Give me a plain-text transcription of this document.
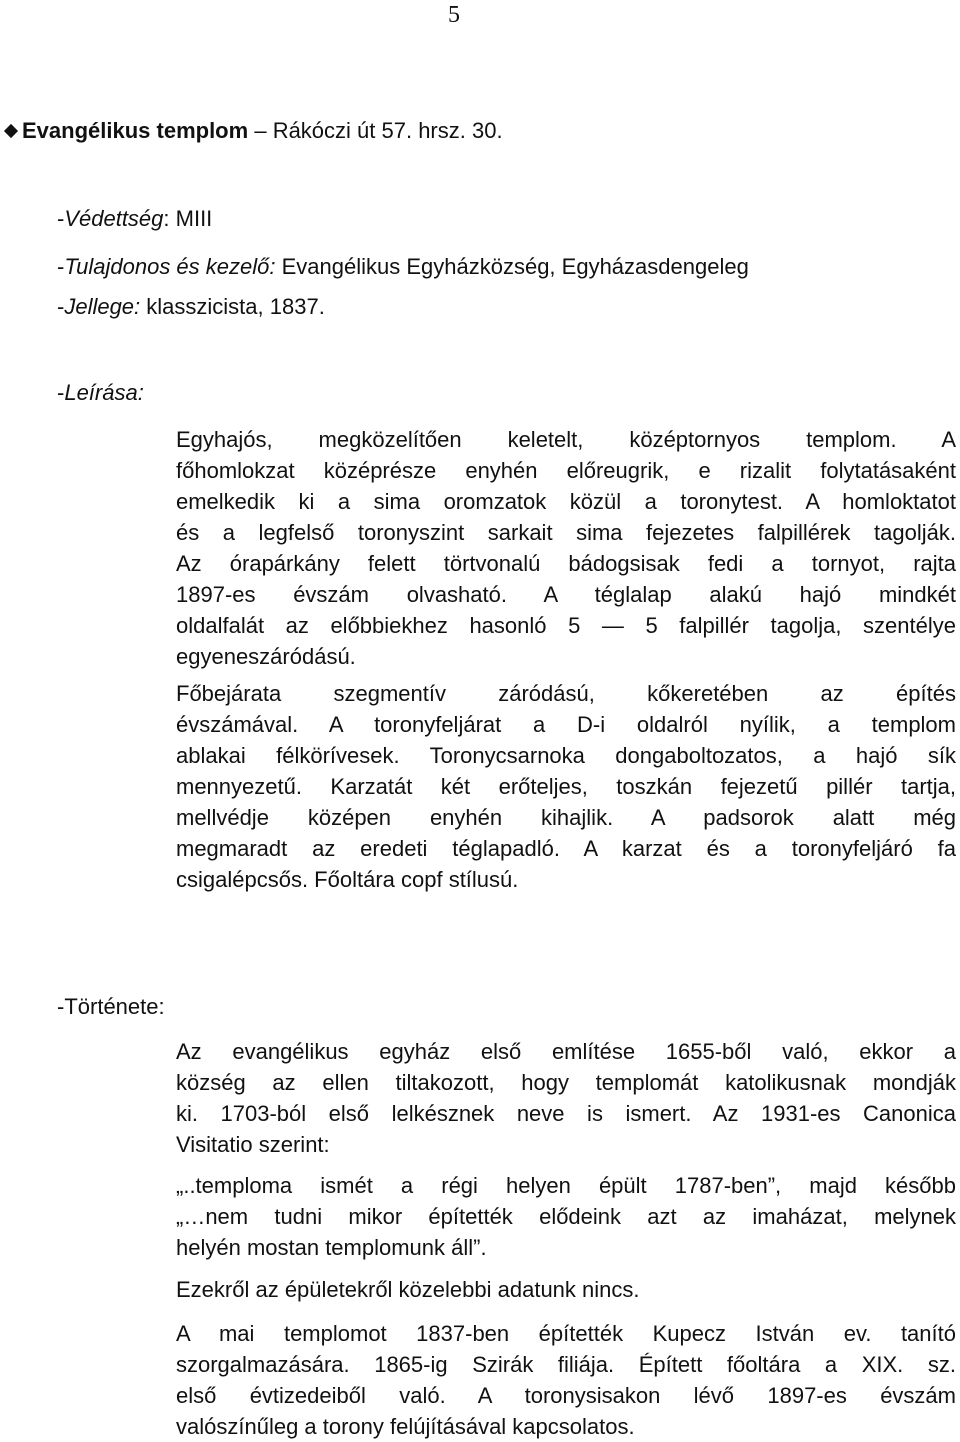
5
Evangélikus templom – Rákóczi út 57. hrsz. 30.
-Védettség: MIII
-Tulajdonos és kezelő: Evangélikus Egyházközség, Egyházasdengeleg
-Jellege: klasszicista, 1837.
-Leírása:
Egyhajós, megközelítően keletelt, középtornyos templom. A
főhomlokzat középrésze enyhén előreugrik, e rizalit folytatásaként
emelkedik ki a sima oromzatok közül a toronytest. A homloktatot
és a legfelső toronyszint sarkait sima fejezetes falpillérek tagolják.
Az órapárkány felett törtvonalú bádogsisak fedi a tornyot, rajta
1897-es évszám olvasható. A téglalap alakú hajó mindkét
oldalfalát az előbbiekhez hasonló 5 — 5 falpillér tagolja, szentélye
egyeneszáródású.
Főbejárata szegmentív záródású, kőkeretében az építés
évszámával. A toronyfeljárat a D-i oldalról nyílik, a templom
ablakai félkörívesek. Toronycsarnoka dongaboltozatos, a hajó sík
mennyezetű. Karzatát két erőteljes, toszkán fejezetű pillér tartja,
mellvédje középen enyhén kihajlik. A padsorok alatt még
megmaradt az eredeti téglapadló. A karzat és a toronyfeljáró fa
csigalépcsős. Főoltára copf stílusú.
-Története:
Az evangélikus egyház első említése 1655-ből való, ekkor a
község az ellen tiltakozott, hogy templomát katolikusnak mondják
ki. 1703-ból első lelkésznek neve is ismert. Az 1931-es Canonica
Visitatio szerint:
„..temploma ismét a régi helyen épült 1787-ben”, majd később
„…nem tudni mikor építették elődeink azt az imaházat, melynek
helyén mostan templomunk áll”.
Ezekről az épületekről közelebbi adatunk nincs.
A mai templomot 1837-ben építették Kupecz István ev. tanító
szorgalmazására. 1865-ig Szirák filiája. Épített főoltára a XIX. sz.
első évtizedeiből való. A toronysisakon lévő 1897-es évszám
valószínűleg a torony felújításával kapcsolatos.
